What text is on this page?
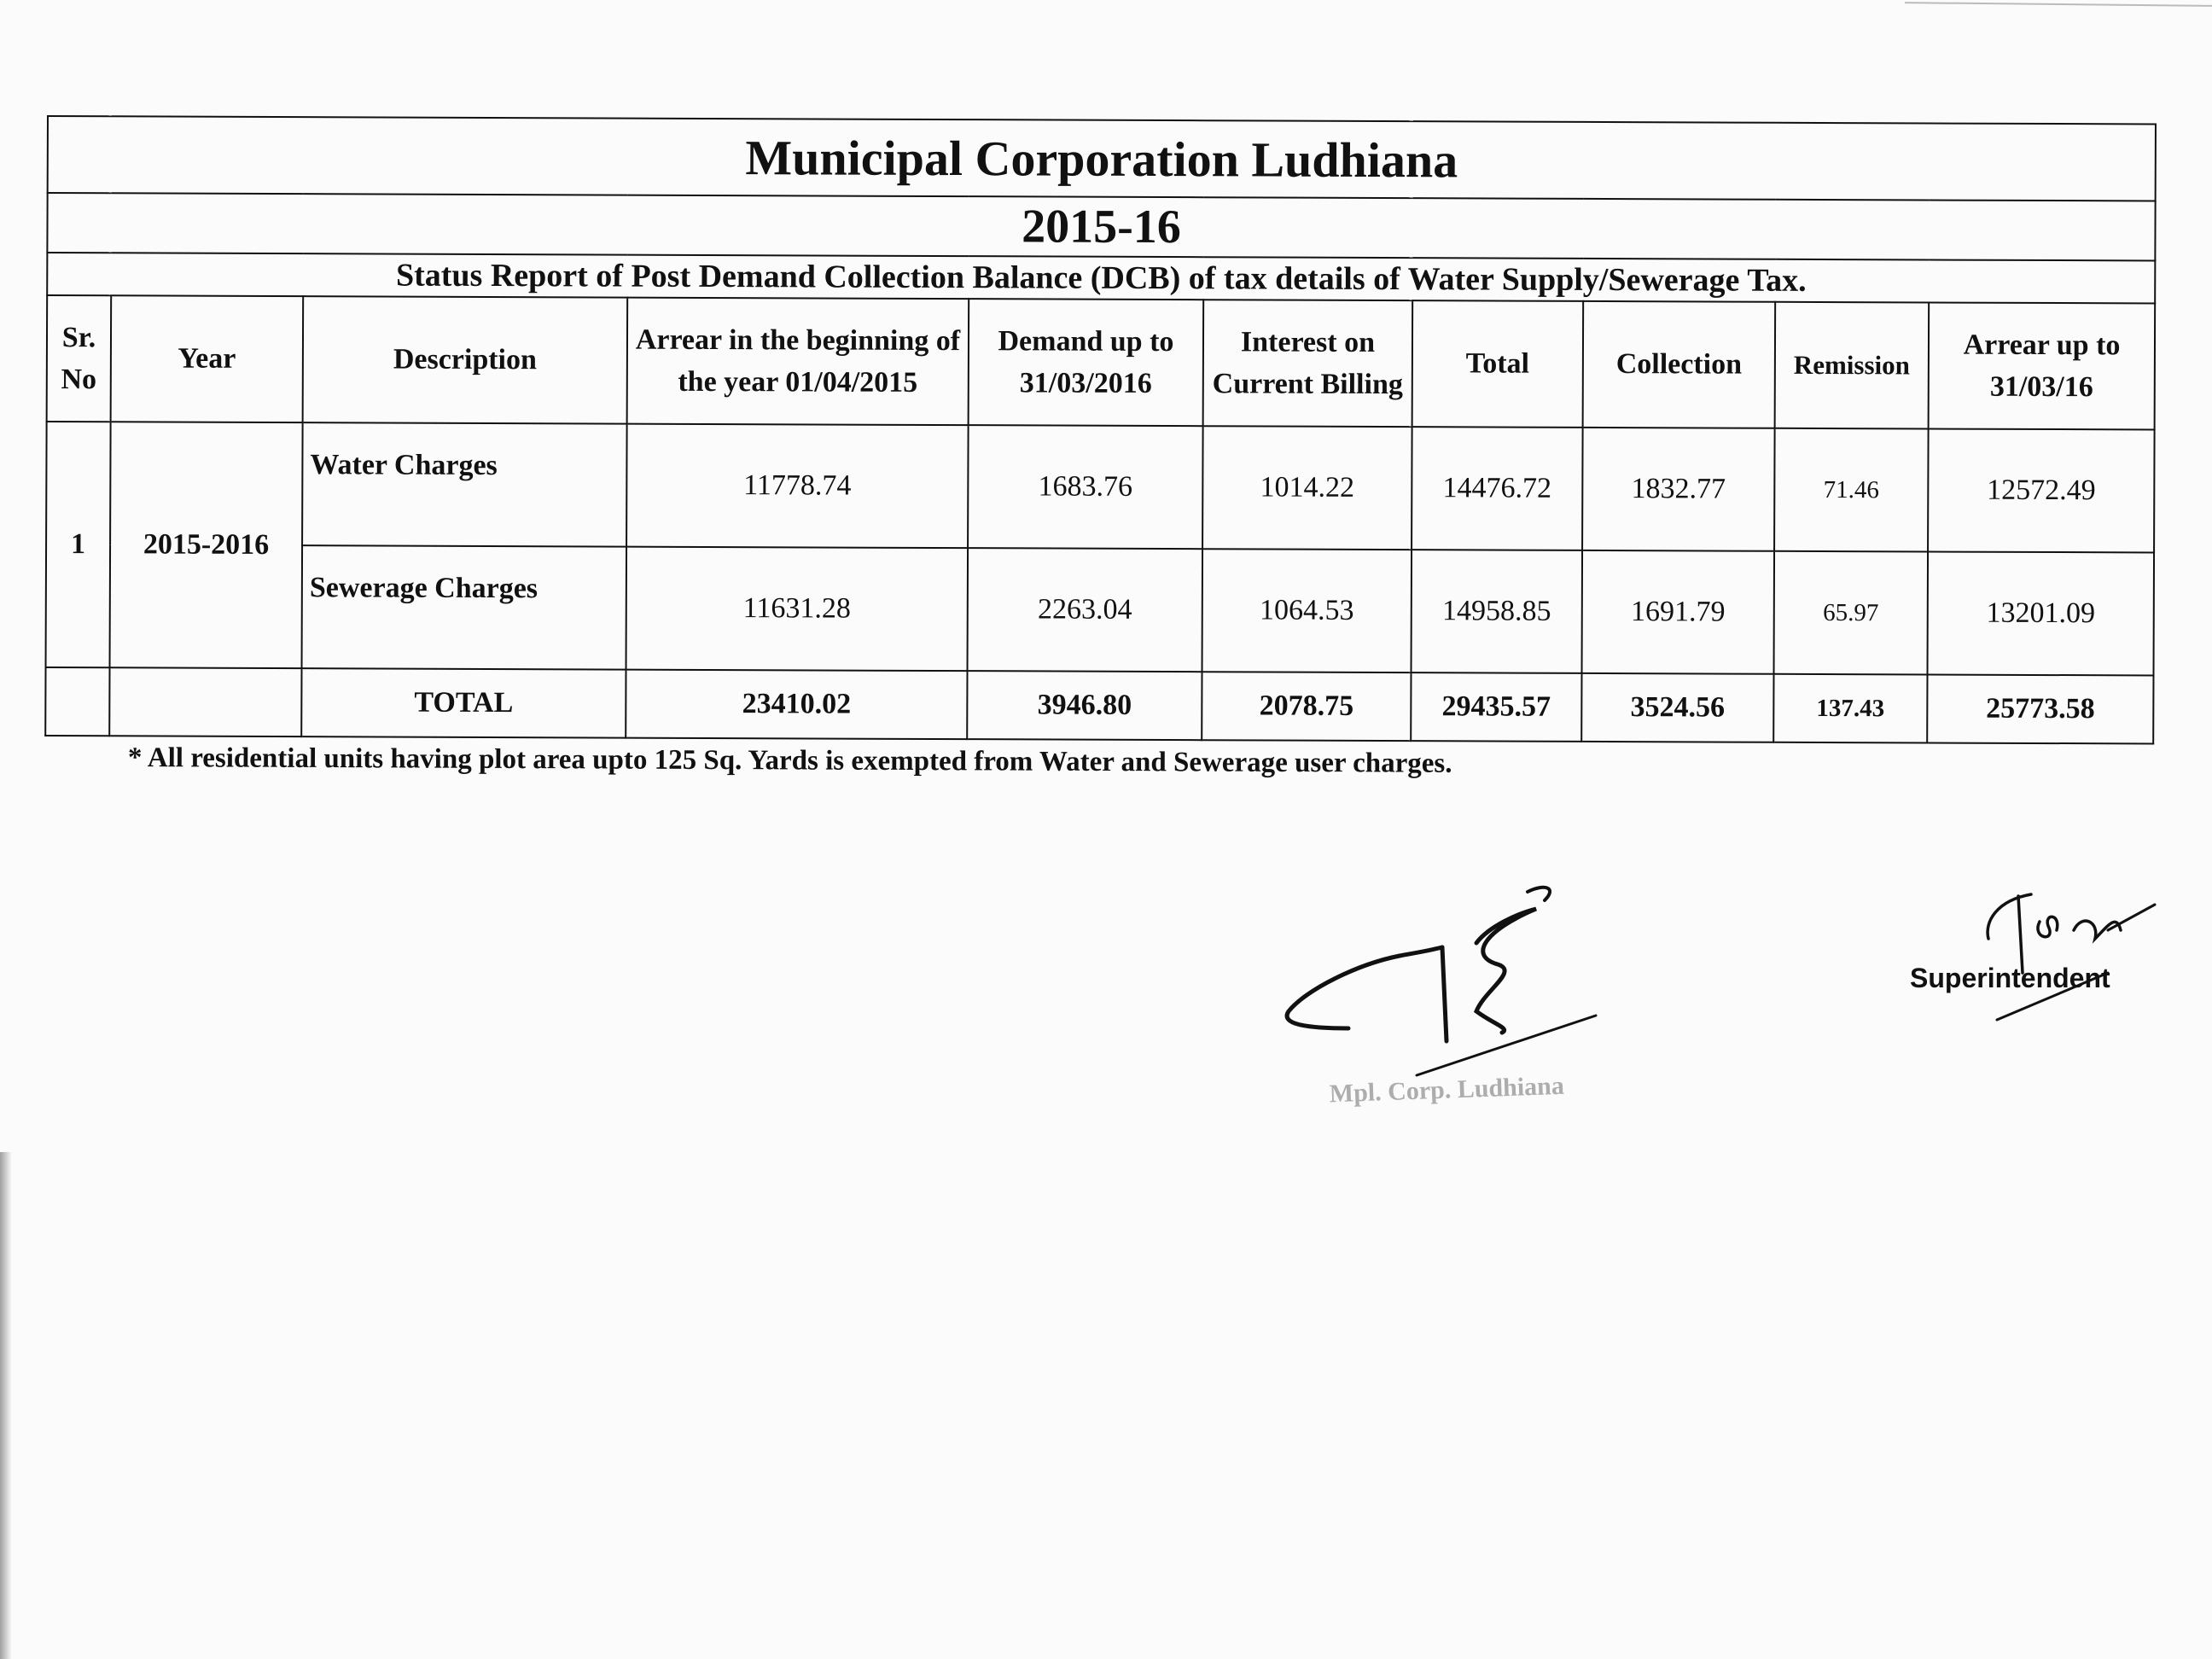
Municipal Corporation Ludhiana									
2015-16									
Status Report of Post Demand Collection Balance (DCB) of tax details of Water Supply/Sewerage Tax.									
Sr. No	Year	Description	Arrear in the beginning of the year 01/04/2015	Demand up to 31/03/2016	Interest on Current Billing	Total	Collection	Remission	Arrear up to 31/03/16
1	2015-2016	Water Charges	11778.74	1683.76	1014.22	14476.72	1832.77	71.46	12572.49
		Sewerage Charges	11631.28	2263.04	1064.53	14958.85	1691.79	65.97	13201.09
		TOTAL	23410.02	3946.80	2078.75	29435.57	3524.56	137.43	25773.58
* All residential units having plot area upto 125 Sq. Yards is exempted from Water and Sewerage user charges.
Mpl. Corp. Ludhiana
Superintendent
